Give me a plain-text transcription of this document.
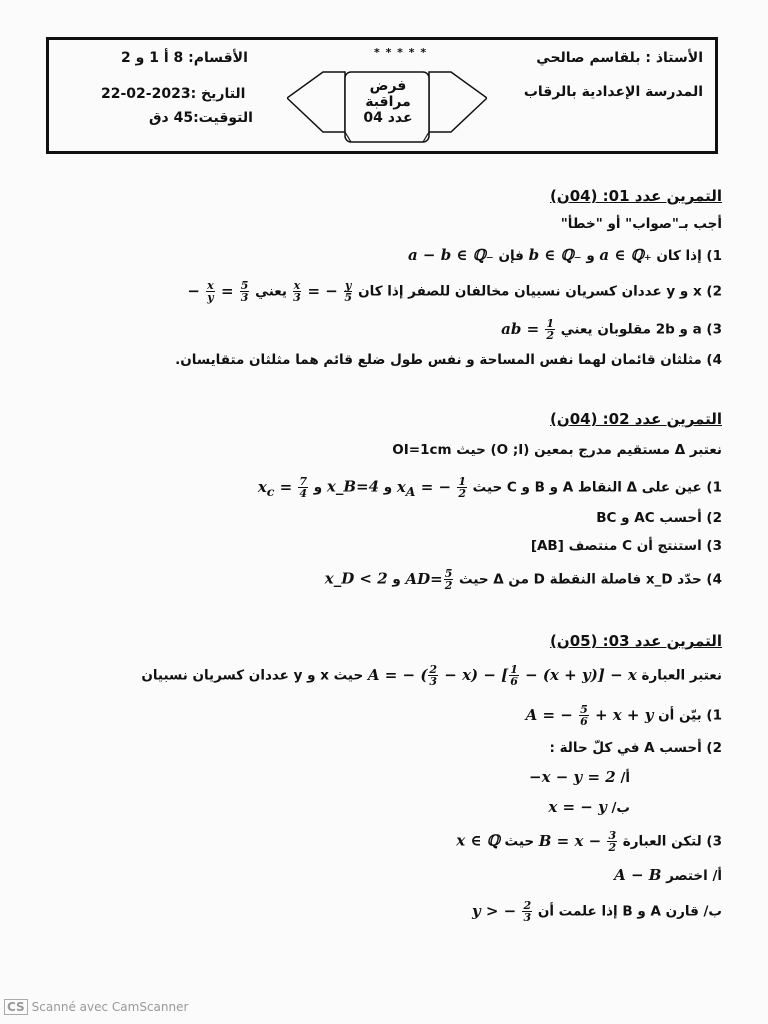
الأستاذ : بلقاسم صالحي
المدرسة الإعدادية بالرقاب
الأقسام: 8 أ 1 و 2
التاريخ :2023-02-22
التوقيت:45 دق
* * * * *
فرض مراقبة
عدد 04
التمرين عدد 01: (04ن)
أجب بـ"صواب" أو "خطأ"
1) إذا كان a ∈ ℚ₊ و b ∈ ℚ₋ فإن a − b ∈ ℚ₋
2) x و y عددان كسريان نسبيان مخالفان للصفر إذا كان
$\frac{x}{3}$ = − $\frac{y}{5}$
يعني − $\frac{x}{y} = \frac{5}{3}$
3) a و 2b مقلوبان يعني ab = $\frac{1}{2}$
4) مثلثان قائمان لهما نفس المساحة و نفس طول ضلع قائم هما مثلثان متقايسان.
التمرين عدد 02: (04ن)
نعتبر Δ مستقيم مدرج بمعين (O ;I) حيث OI=1cm
1) عين على Δ النقاط A و B و C حيث $x_A$ = − $\frac{1}{2}$
و x_B=4 و $x_c = \frac{7}{4}$
2) أحسب AC و BC
3) استنتج أن C منتصف [AB]
4) حدّد x_D فاصلة النقطة D من Δ حيث $AD= \frac{5}{2}$
و x_D < 2
التمرين عدد 03: (05ن)
نعتبر العبارة A = − ( $\frac{2}{3} - x$) − [ $\frac{1}{6} - (x + y)] - x$ حيث x و y عددان كسريان نسبيان
1) بيّن أن A = − $\frac{5}{6} + x + y$
2) أحسب A في كلّ حالة :
أ/ −x − y = 2
ب/ x = − y
3) لتكن العبارة $B = x - \frac{3}{2}$
حيث x ∈ ℚ
أ/ اختصر A − B
ب/ قارن A و B إذا علمت أن y > − $\frac{2}{3}$
CS Scanné avec CamScanner
